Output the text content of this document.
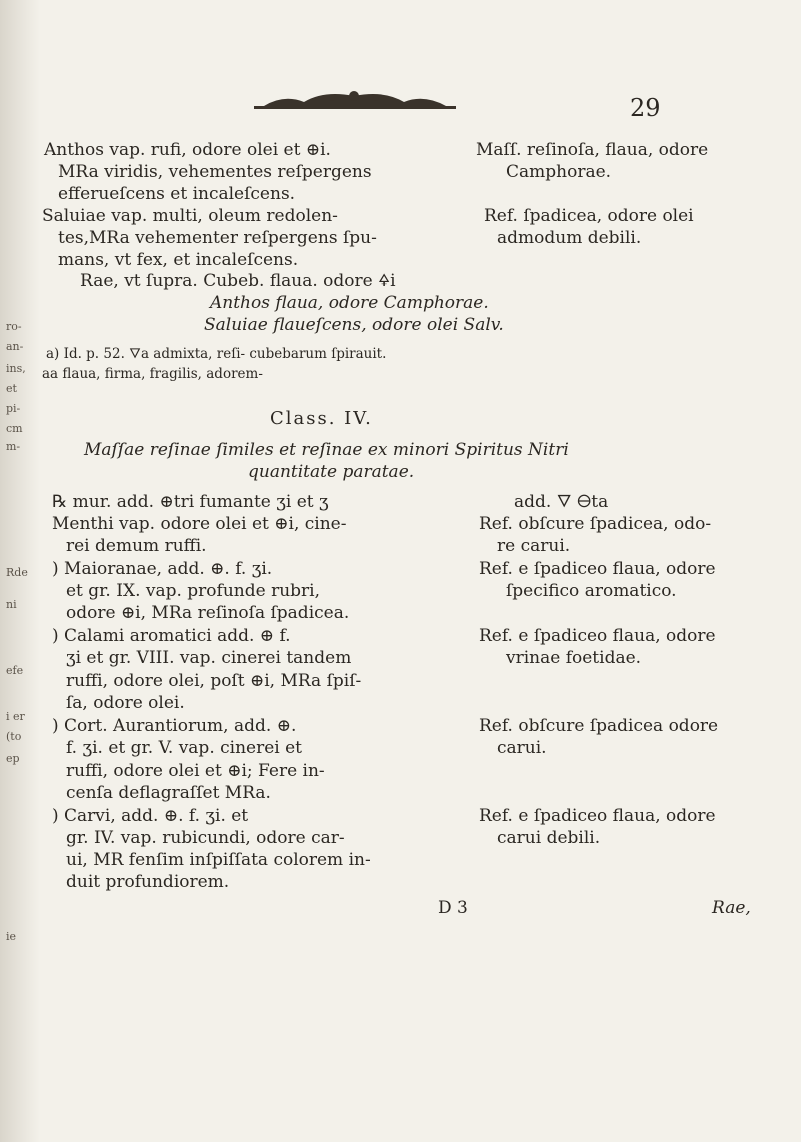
ro-
an-
ins,
et
pi-
cm
m-
Rde
ni
efe
i er
(to
ep
ie
29
Anthos vap. rufi, odore olei et ⊕i.	Maſſ. reſinoſa, flaua, odore
MRa viridis, vehementes reſpergens	Camphorae.
efferueſcens et incaleſcens.
Saluiae vap. multi, oleum redolen-	Ref. ſpadicea, odore olei
tes,MRa vehementer reſpergens ſpu-	admodum debili.
mans, vt fex, et incaleſcens.
Rae, vt ſupra. Cubeb. flaua. odore 🜍i
Anthos flaua, odore Camphorae.
Saluiae flaueſcens, odore olei Salv.
a) Id. p. 52. 🜄a admixta, reſi- cubebarum ſpirauit.
aa flaua, firma, fragilis, adorem-
Class. IV.
Maſſae reſinae ſimiles et reſinae ex minori Spiritus Nitri
quantitate paratae.
℞ mur. add. ⊕tri fumante ʒi et ʒ	add. 🜄 🜔ta
Menthi vap. odore olei et ⊕i, cine-	Ref. obſcure ſpadicea, odo-
rei demum ruffi.	re carui.
) Maioranae, add. ⊕. f. ʒi.	Ref. e ſpadiceo flaua, odore
et gr. IX. vap. profunde rubri,	ſpecifico aromatico.
odore ⊕i, MRa reſinoſa ſpadicea.
) Calami aromatici add. ⊕ f.	Ref. e ſpadiceo flaua, odore
ʒi et gr. VIII. vap. cinerei tandem	vrinae foetidae.
ruffi, odore olei, poſt ⊕i, MRa ſpiſ-
ſa, odore olei.
) Cort. Aurantiorum, add. ⊕.	Ref. obſcure ſpadicea odore
f. ʒi. et gr. V. vap. cinerei et	carui.
ruffi, odore olei et ⊕i; Fere in-
cenſa deflagraſſet MRa.
) Carvi, add. ⊕. f. ʒi. et	Ref. e ſpadiceo flaua, odore
gr. IV. vap. rubicundi, odore car-	carui debili.
ui, MR fenſim inſpiſſata colorem in-
duit profundiorem.
D 3	Rae,
